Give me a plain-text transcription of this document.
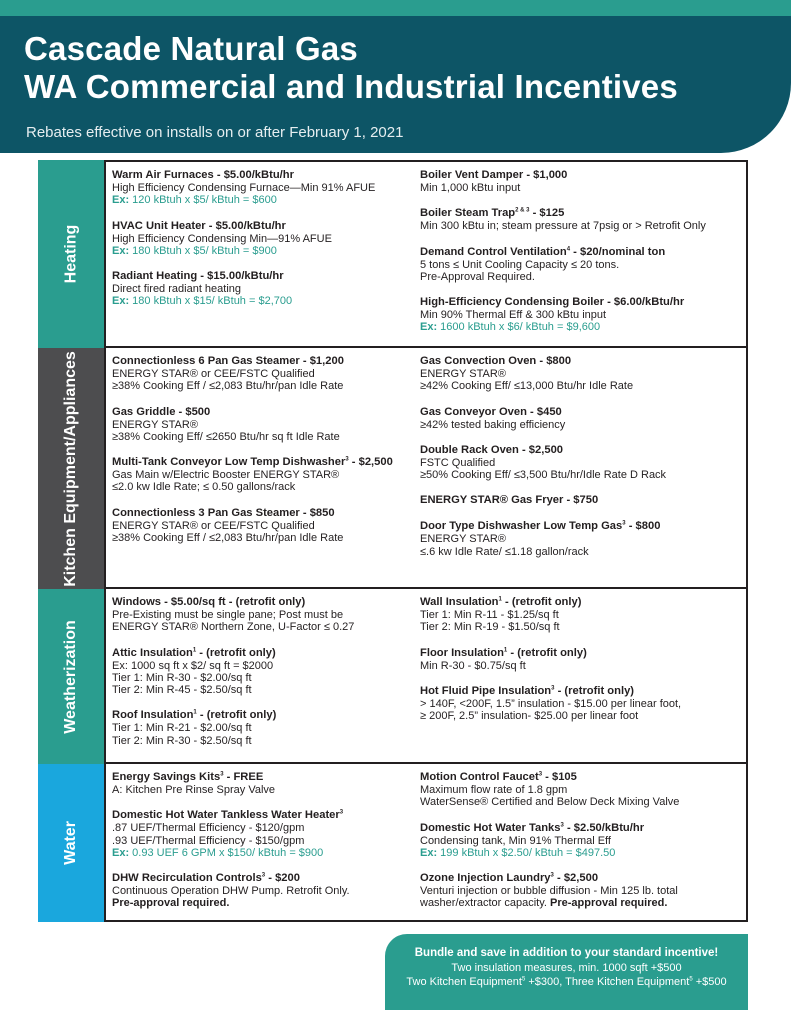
Cascade Natural Gas
WA Commercial and Industrial Incentives
Rebates effective on installs on or after February 1, 2021
Heating
Warm Air Furnaces - $5.00/kBtu/hr
High Efficiency Condensing Furnace—Min 91% AFUE
Ex: 120 kBtuh x $5/ kBtuh = $600
HVAC Unit Heater - $5.00/kBtu/hr
High Efficiency Condensing Min—91% AFUE
Ex: 180 kBtuh x $5/ kBtuh = $900
Radiant Heating - $15.00/kBtu/hr
Direct fired radiant heating
Ex: 180 kBtuh x $15/ kBtuh = $2,700
Boiler Vent Damper - $1,000
Min 1,000 kBtu input
Boiler Steam Trap$^{2 \& 3}$ - $125
Min 300 kBtu in; steam pressure at 7psig or > Retrofit Only
Demand Control Ventilation$^4$ - $20/nominal ton
5 tons ≤ Unit Cooling Capacity ≤ 20 tons.
Pre-Approval Required.
High-Efficiency Condensing Boiler - $6.00/kBtu/hr
Min 90% Thermal Eff & 300 kBtu input
Ex: 1600 kBtuh x $6/ kBtuh = $9,600
Kitchen Equipment/Appliances	Connectionless 6 Pan Gas Steamer - $1,200
ENERGY STAR® or CEE/FSTC Qualified
≥38% Cooking Eff / ≤2,083 Btu/hr/pan Idle Rate
Gas Griddle - $500
ENERGY STAR®
≥38% Cooking Eff/ ≤2650 Btu/hr sq ft Idle Rate
Multi-Tank Conveyor Low Temp Dishwasher$^3$ - $2,500
Gas Main w/Electric Booster ENERGY STAR®
≤2.0 kw Idle Rate; ≤ 0.50 gallons/rack
Connectionless 3 Pan Gas Steamer - $850
ENERGY STAR® or CEE/FSTC Qualified
≥38% Cooking Eff / ≤2,083 Btu/hr/pan Idle Rate
Gas Convection Oven - $800
ENERGY STAR®
≥42% Cooking Eff/ ≤13,000 Btu/hr Idle Rate
Gas Conveyor Oven - $450
≥42% tested baking efficiency
Double Rack Oven - $2,500
FSTC Qualified
≥50% Cooking Eff/ ≤3,500 Btu/hr/Idle Rate D Rack
ENERGY STAR® Gas Fryer - $750
Door Type Dishwasher Low Temp Gas$^3$ - $800
ENERGY STAR®
≤.6 kw Idle Rate/ ≤1.18 gallon/rack
Weatherization
Windows - $5.00/sq ft - (retrofit only)
Pre-Existing must be single pane; Post must be
ENERGY STAR® Northern Zone, U-Factor ≤ 0.27
Attic Insulation$^1$ - (retrofit only)
Ex: 1000 sq ft x $2/ sq ft = $2000
Tier 1: Min R-30 - $2.00/sq ft
Tier 2: Min R-45 - $2.50/sq ft
Roof Insulation$^1$ - (retrofit only)
Tier 1: Min R-21 - $2.00/sq ft
Tier 2: Min R-30 - $2.50/sq ft
Wall Insulation$^1$ - (retrofit only)
Tier 1: Min R-11 - $1.25/sq ft
Tier 2: Min R-19 - $1.50/sq ft
Floor Insulation$^1$ - (retrofit only)
Min R-30 - $0.75/sq ft
Hot Fluid Pipe Insulation$^3$ - (retrofit only)
> 140F, <200F, 1.5” insulation - $15.00 per linear foot,
≥ 200F, 2.5” insulation- $25.00 per linear foot
Water
Energy Savings Kits$^3$ - FREE
A: Kitchen Pre Rinse Spray Valve
Domestic Hot Water Tankless Water Heater$^3$
.87 UEF/Thermal Efficiency - $120/gpm
.93 UEF/Thermal Efficiency - $150/gpm
Ex: 0.93 UEF 6 GPM x $150/ kBtuh = $900
DHW Recirculation Controls$^3$ - $200
Continuous Operation DHW Pump. Retrofit Only.
Pre-approval required.
Motion Control Faucet$^3$ - $105
Maximum flow rate of 1.8 gpm
WaterSense® Certified and Below Deck Mixing Valve
Domestic Hot Water Tanks$^3$ - $2.50/kBtu/hr
Condensing tank, Min 91% Thermal Eff
Ex: 199 kBtuh x $2.50/ kBtuh = $497.50
Ozone Injection Laundry$^3$ - $2,500
Venturi injection or bubble diffusion - Min 125 lb. total
washer/extractor capacity. Pre-approval required.
Bundle and save in addition to your standard incentive!
Two insulation measures, min. 1000 sqft +$500
Two Kitchen Equipment$^5$ +$300, Three Kitchen Equipment$^5$ +$500
